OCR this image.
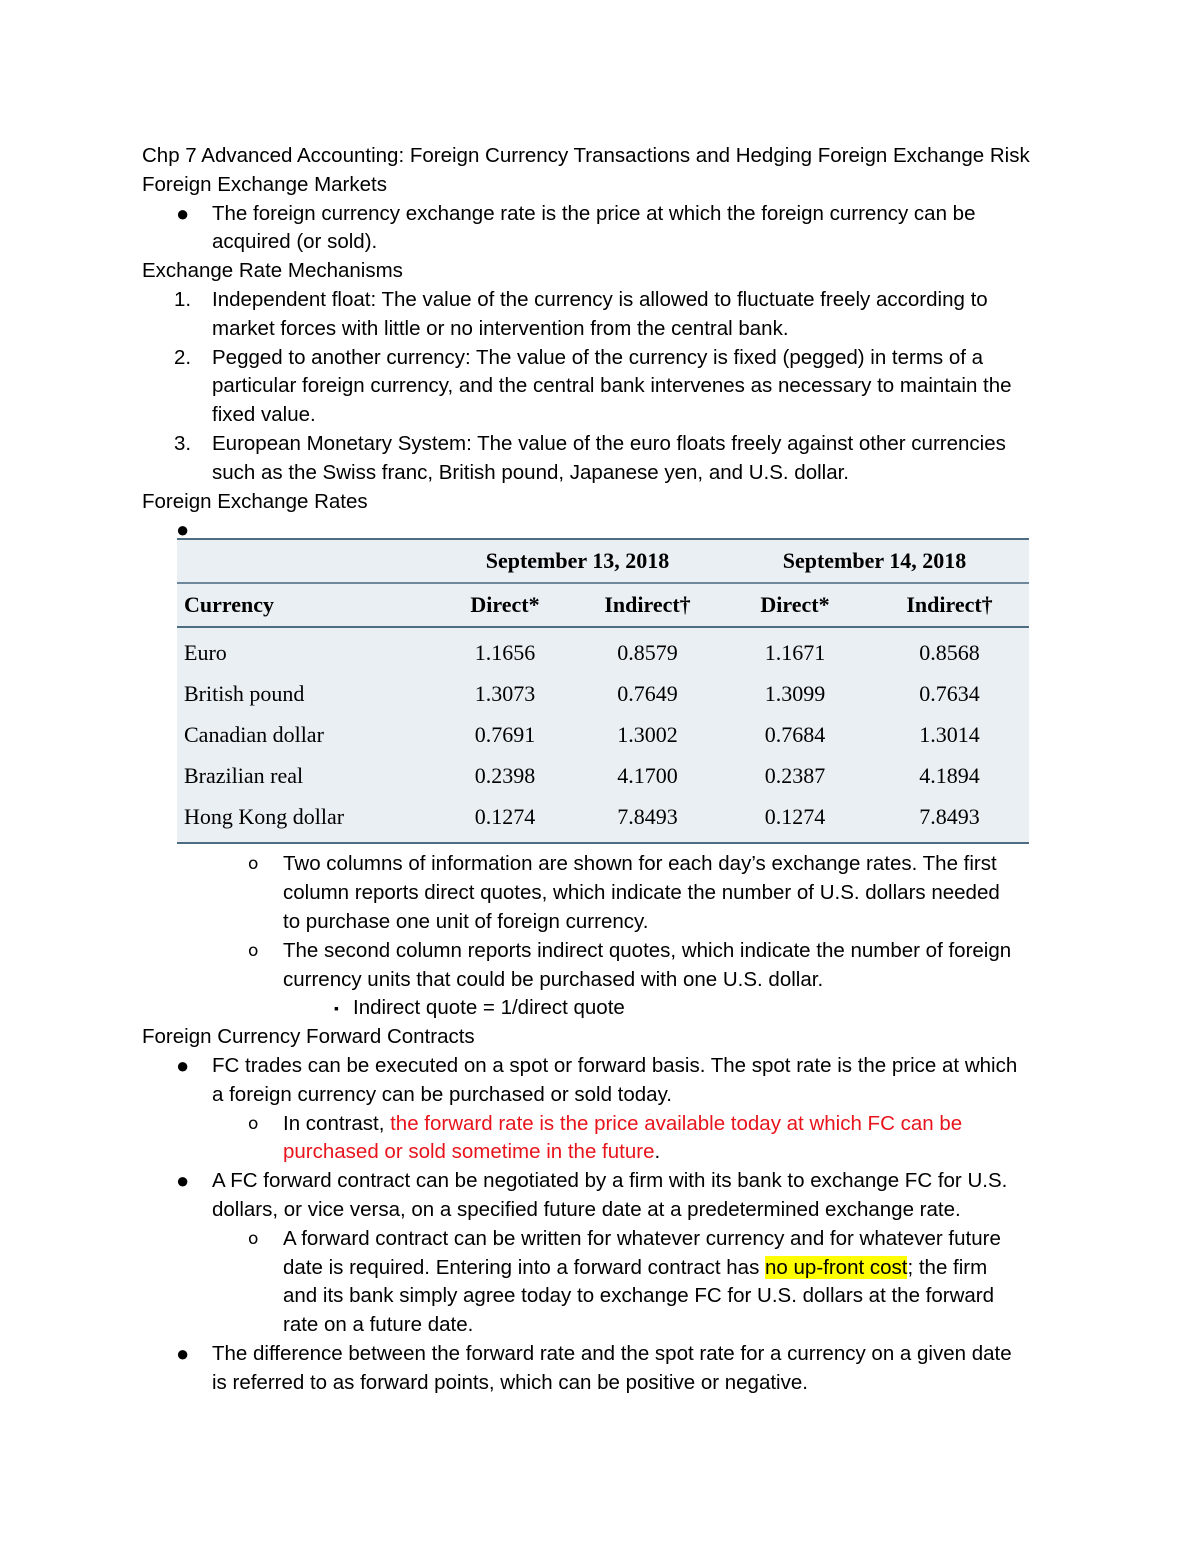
Chp 7 Advanced Accounting: Foreign Currency Transactions and Hedging Foreign Exchange Risk
Foreign Exchange Markets
● The foreign currency exchange rate is the price at which the foreign currency can be
acquired (or sold).
Exchange Rate Mechanisms
1. Independent float: The value of the currency is allowed to fluctuate freely according to
market forces with little or no intervention from the central bank.
2. Pegged to another currency: The value of the currency is fixed (pegged) in terms of a
particular foreign currency, and the central bank intervenes as necessary to maintain the
fixed value.
3. European Monetary System: The value of the euro floats freely against other currencies
such as the Swiss franc, British pound, Japanese yen, and U.S. dollar.
Foreign Exchange Rates
●
	September 13, 2018		September 14, 2018	
Currency	Direct*	Indirect†	Direct*	Indirect†
Euro	1.1656	0.8579	1.1671	0.8568
British pound	1.3073	0.7649	1.3099	0.7634
Canadian dollar	0.7691	1.3002	0.7684	1.3014
Brazilian real	0.2398	4.1700	0.2387	4.1894
Hong Kong dollar	0.1274	7.8493	0.1274	7.8493
o Two columns of information are shown for each day’s exchange rates. The first
column reports direct quotes, which indicate the number of U.S. dollars needed
to purchase one unit of foreign currency.
o The second column reports indirect quotes, which indicate the number of foreign
currency units that could be purchased with one U.S. dollar.
▪ Indirect quote = 1/direct quote
Foreign Currency Forward Contracts
● FC trades can be executed on a spot or forward basis. The spot rate is the price at which
a foreign currency can be purchased or sold today.
o In contrast, the forward rate is the price available today at which FC can be
purchased or sold sometime in the future.
● A FC forward contract can be negotiated by a firm with its bank to exchange FC for U.S.
dollars, or vice versa, on a specified future date at a predetermined exchange rate.
o A forward contract can be written for whatever currency and for whatever future
date is required. Entering into a forward contract has no up-front cost; the firm
and its bank simply agree today to exchange FC for U.S. dollars at the forward
rate on a future date.
● The difference between the forward rate and the spot rate for a currency on a given date
is referred to as forward points, which can be positive or negative.
